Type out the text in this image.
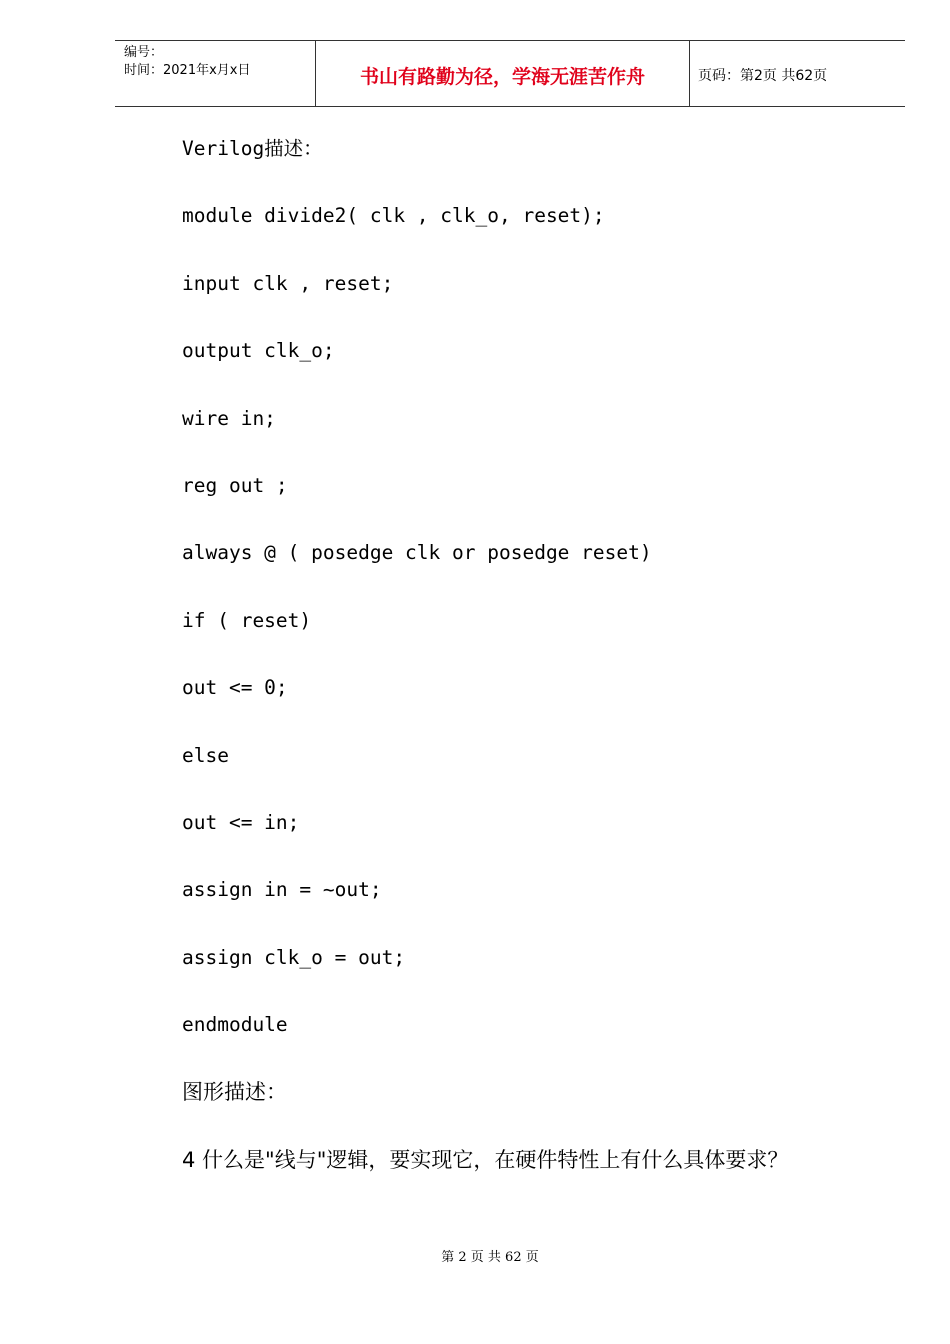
编号：
时间：2021年x月x日	书山有路勤为径，学海无涯苦作舟	页码：第2页 共62页
Verilog描述：
module divide2( clk , clk_o, reset);
input clk , reset;
output clk_o;
wire in;
reg out ;
always @ ( posedge clk or posedge reset)
if ( reset)
out <= 0;
else
out <= in;
assign in = ~out;
assign clk_o = out;
endmodule
图形描述：
4 什么是"线与"逻辑，要实现它，在硬件特性上有什么具体要求？
第 2 页 共 62 页
